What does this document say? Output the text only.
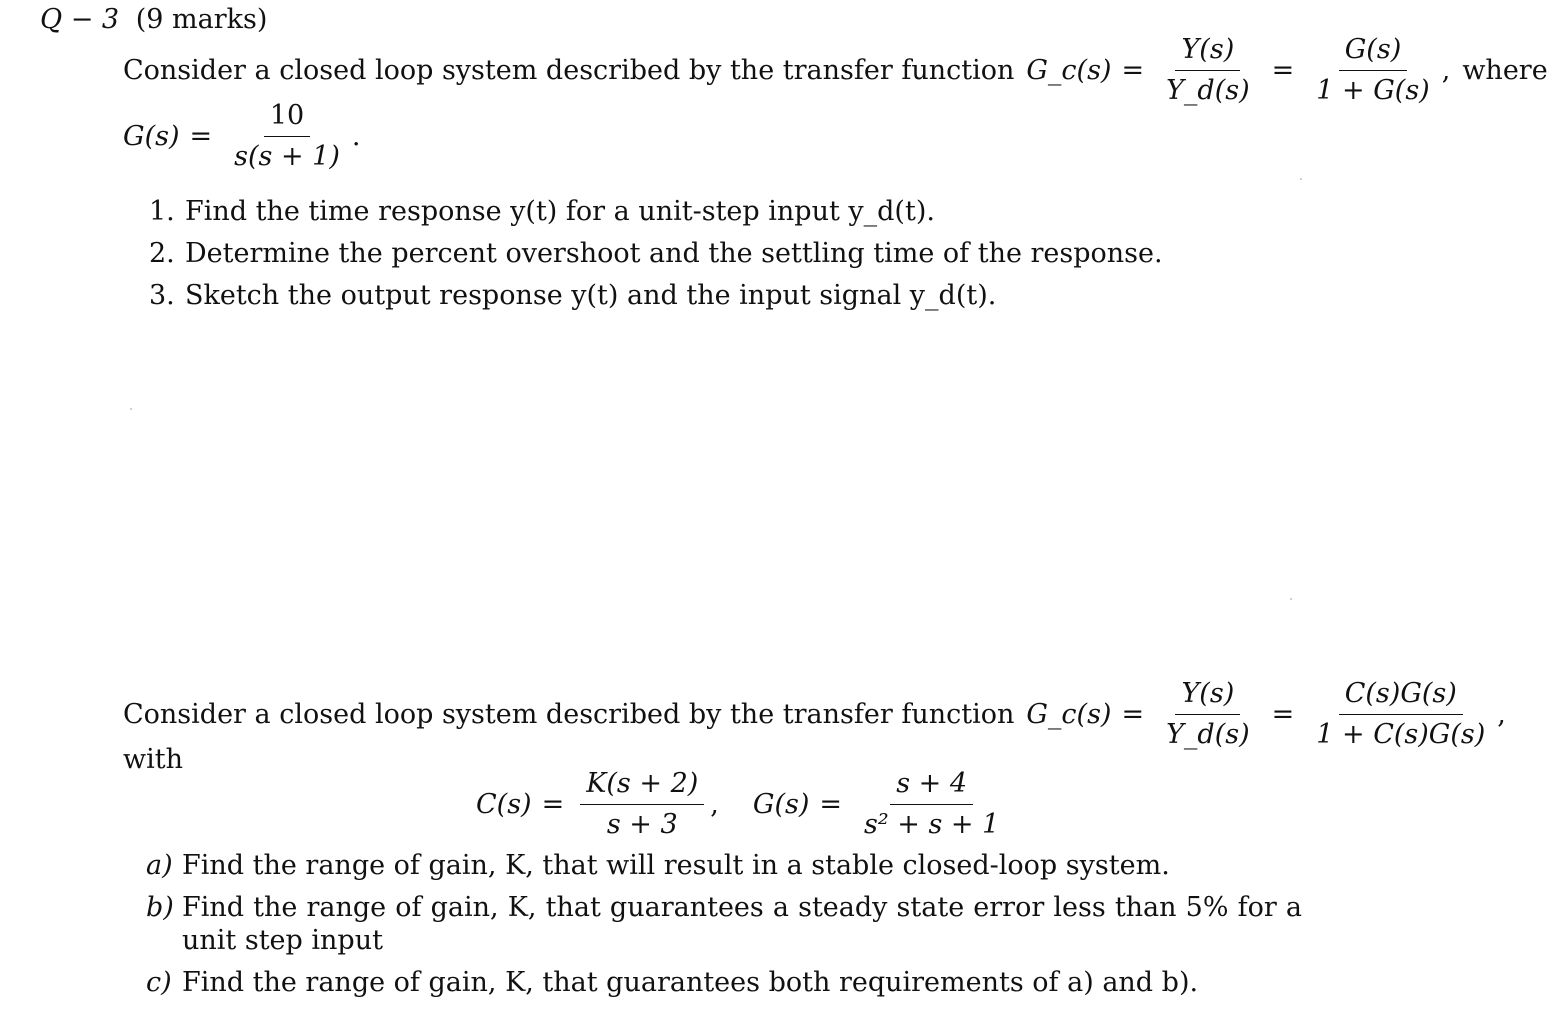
Q − 3 (9 marks)
Consider a closed loop system described by the transfer function G_c(s) = $\frac{Y(s)}{Y\_d(s)} = \frac{G(s)}{1 + G(s)}$ , where
$G(s) = \frac{10}{s(s + 1)}$ .
1. Find the time response y(t) for a unit-step input y_d(t).
2. Determine the percent overshoot and the settling time of the response.
3. Sketch the output response y(t) and the input signal y_d(t).
Consider a closed loop system described by the transfer function G_c(s) = $\frac{Y(s)}{Y\_d(s)} = \frac{C(s)G(s)}{1 + C(s)G(s)}$ ,
with
$C(s) = \frac{K(s + 2)}{s + 3}$ , $G(s) = \frac{s + 4}{\text{s² + s + 1}}$
a) Find the range of gain, K, that will result in a stable closed-loop system.
b) Find the range of gain, K, that guarantees a steady state error less than 5% for a unit step input
c) Find the range of gain, K, that guarantees both requirements of a) and b).
